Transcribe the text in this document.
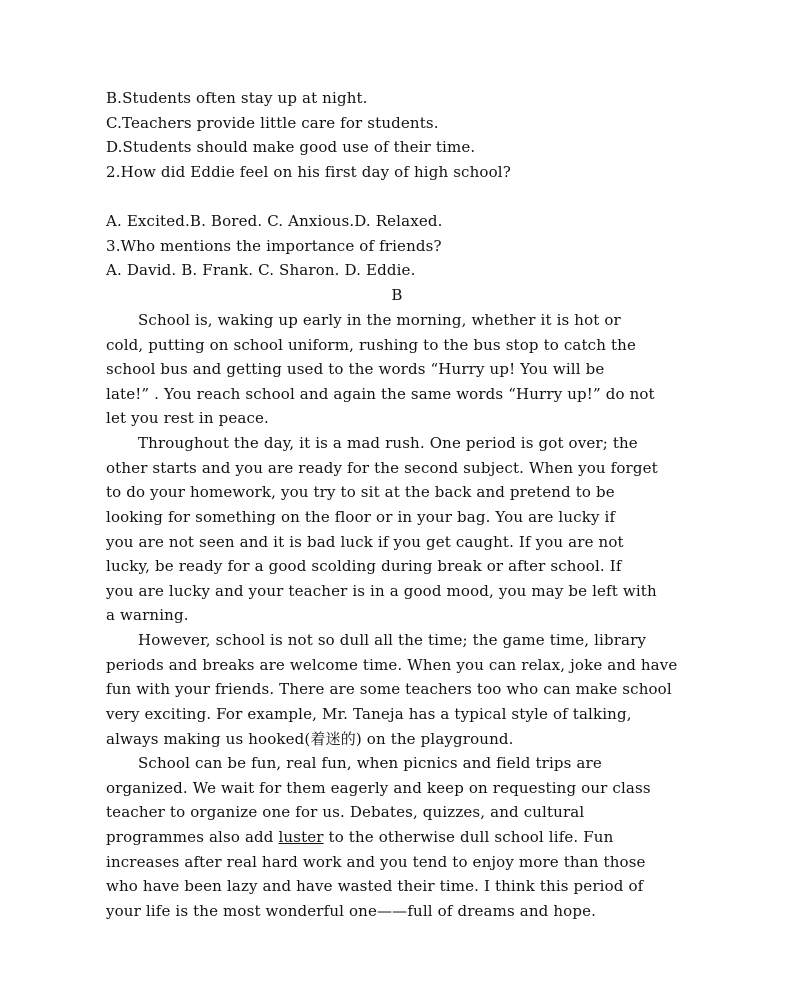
B.Students often stay up at night.
C.Teachers provide little care for students.
D.Students should make good use of their time.
2.How did Eddie feel on his first day of high school?
A. Excited.B. Bored. C. Anxious.D. Relaxed.
3.Who mentions the importance of friends?
A. David. B. Frank. C. Sharon. D. Eddie.
B
School is, waking up early in the morning, whether it is hot or
cold, putting on school uniform, rushing to the bus stop to catch the
school bus and getting used to the words “Hurry up! You will be
late!” . You reach school and again the same words “Hurry up!” do not
let you rest in peace.
Throughout the day, it is a mad rush. One period is got over; the
other starts and you are ready for the second subject. When you forget
to do your homework, you try to sit at the back and pretend to be
looking for something on the floor or in your bag. You are lucky if
you are not seen and it is bad luck if you get caught. If you are not
lucky, be ready for a good scolding during break or after school. If
you are lucky and your teacher is in a good mood, you may be left with
a warning.
However, school is not so dull all the time; the game time, library
periods and breaks are welcome time. When you can relax, joke and have
fun with your friends. There are some teachers too who can make school
very exciting. For example, Mr. Taneja has a typical style of talking,
always making us hooked(着迷的) on the playground.
School can be fun, real fun, when picnics and field trips are
organized. We wait for them eagerly and keep on requesting our class
teacher to organize one for us. Debates, quizzes, and cultural
programmes also add luster to the otherwise dull school life. Fun
increases after real hard work and you tend to enjoy more than those
who have been lazy and have wasted their time. I think this period of
your life is the most wonderful one——full of dreams and hope.
